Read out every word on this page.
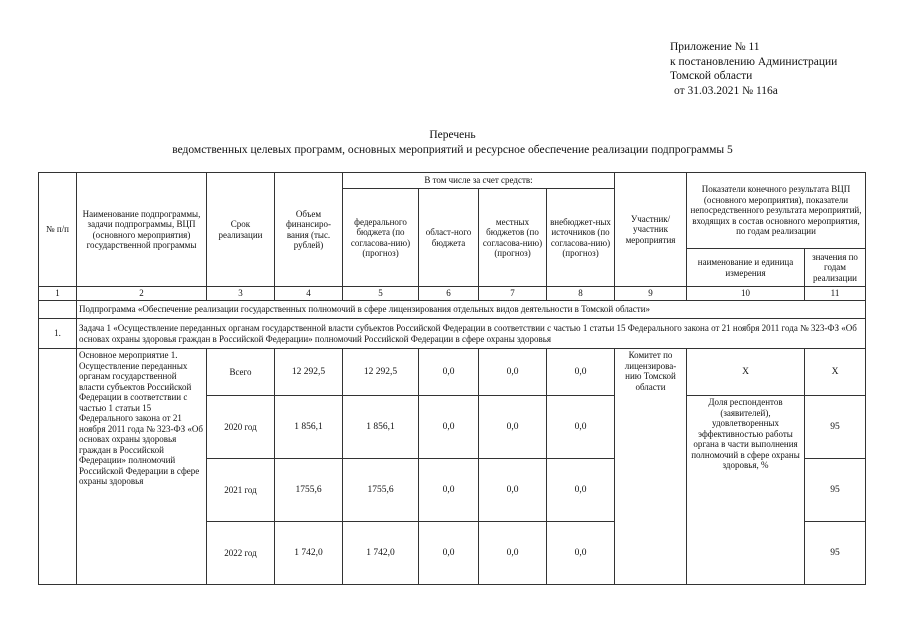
Приложение № 11
к постановлению Администрации
Томской области
от 31.03.2021 № 116а
Перечень
ведомственных целевых программ, основных мероприятий и ресурсное обеспечение реализации подпрограммы 5
№ п/п	Наименование подпрограммы, задачи подпрограммы, ВЦП (основного мероприятия) государственной программы	Срок реализации	Объем финансиро-вания (тыс. рублей)	В том числе за счет средств:				Участник/ участник мероприятия	Показатели конечного результата ВЦП (основного мероприятия), показатели непосредственного результата мероприятий, входящих в состав основного мероприятия, по годам реализации	
				федерального бюджета (по согласова-нию) (прогноз)	област-ного бюджета	местных бюджетов (по согласова-нию) (прогноз)	внебюджет-ных источников (по согласова-нию) (прогноз)			
									наименование и единица измерения	значения по годам реализации
1	2	3	4	5	6	7	8	9	10	11
	Подпрограмма «Обеспечение реализации государственных полномочий в сфере лицензирования отдельных видов деятельности в Томской области»									
1.	Задача 1 «Осуществление переданных органам государственной власти субъектов Российской Федерации в соответствии с частью 1 статьи 15 Федерального закона от 21 ноября 2011 года № 323-ФЗ «Об основах охраны здоровья граждан в Российской Федерации» полномочий Российской Федерации в сфере охраны здоровья									
	Основное мероприятие 1. Осуществление переданных органам государственной власти субъектов Российской Федерации в соответствии с частью 1 статьи 15 Федерального закона от 21 ноября 2011 года № 323-ФЗ «Об основах охраны здоровья граждан в Российской Федерации» полномочий Российской Федерации в сфере охраны здоровья	Всего	12 292,5	12 292,5	0,0	0,0	0,0	Комитет по лицензирова-нию Томской области	Х	Х
		2020 год	1 856,1	1 856,1	0,0	0,0	0,0		Доля респондентов (заявителей), удовлетворенных эффективностью работы органа в части выполнения полномочий в сфере охраны здоровья, %	95
		2021 год	1755,6	1755,6	0,0	0,0	0,0			95
		2022 год	1 742,0	1 742,0	0,0	0,0	0,0			95
